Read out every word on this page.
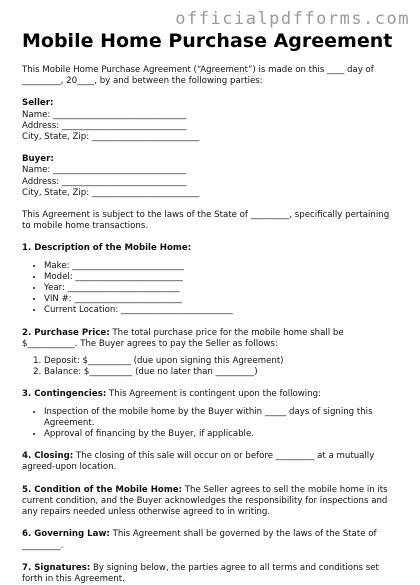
officialpdfforms.com
Mobile Home Purchase Agreement

This Mobile Home Purchase Agreement (“Agreement”) is made on this ____ day of _________, 20____, by and between the following parties:

Seller:
Name: _______________________________
Address: _____________________________
City, State, Zip: _________________________
Buyer:
Name: _______________________________
Address: _____________________________
City, State, Zip: _________________________

This Agreement is subject to the laws of the State of _________, specifically pertaining to mobile home transactions.

1. Description of the Mobile Home:

• Make: __________________________
• Model: _________________________
• Year: __________________________
• VIN #: _________________________
• Current Location: __________________________

2. Purchase Price: The total purchase price for the mobile home shall be $___________. The Buyer agrees to pay the Seller as follows:

1. Deposit: $__________ (due upon signing this Agreement)
2. Balance: $__________ (due no later than _________)

3. Contingencies: This Agreement is contingent upon the following:

• Inspection of the mobile home by the Buyer within _____ days of signing this Agreement.
• Approval of financing by the Buyer, if applicable.

4. Closing: The closing of this sale will occur on or before _________ at a mutually agreed-upon location.

5. Condition of the Mobile Home: The Seller agrees to sell the mobile home in its current condition, and the Buyer acknowledges the responsibility for inspections and any repairs needed unless otherwise agreed to in writing.

6. Governing Law: This Agreement shall be governed by the laws of the State of _________.

7. Signatures: By signing below, the parties agree to all terms and conditions set forth in this Agreement.
